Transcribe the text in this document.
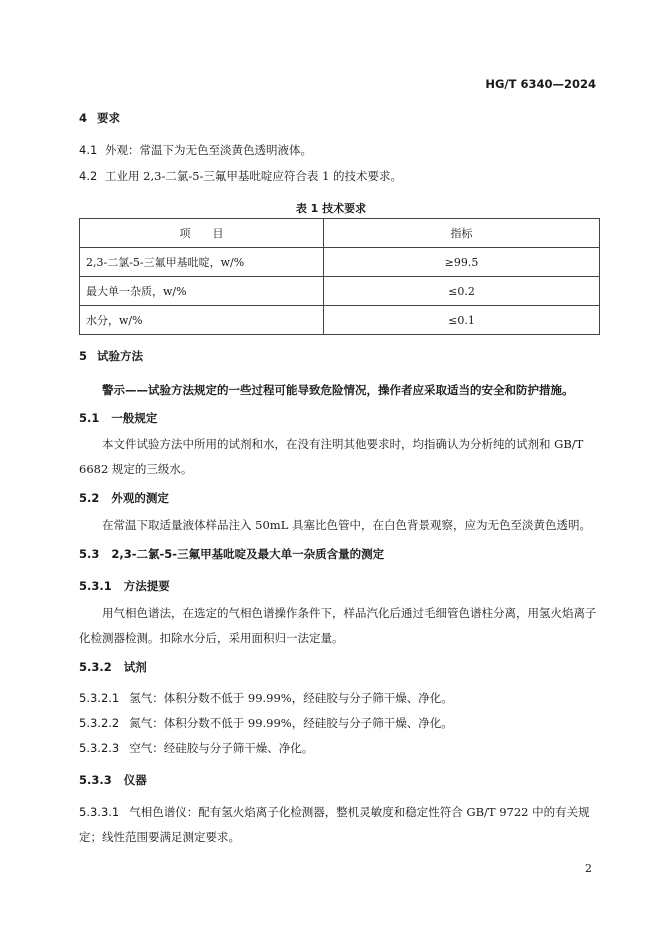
HG/T 6340—2024
4 要求
4.1 外观：常温下为无色至淡黄色透明液体。
4.2 工业用 2,3-二氯-5-三氟甲基吡啶应符合表 1 的技术要求。
表 1 技术要求
项　　目	指标
2,3-二氯-5-三氟甲基吡啶，w/%	≥99.5
最大单一杂质，w/%	≤0.2
水分，w/%	≤0.1
5 试验方法
警示——试验方法规定的一些过程可能导致危险情况，操作者应采取适当的安全和防护措施。
5.1 一般规定
本文件试验方法中所用的试剂和水，在没有注明其他要求时，均指确认为分析纯的试剂和 GB/T 6682 规定的三级水。
5.2 外观的测定
在常温下取适量液体样品注入 50mL 具塞比色管中，在白色背景观察，应为无色至淡黄色透明。
5.3 2,3-二氯-5-三氟甲基吡啶及最大单一杂质含量的测定
5.3.1 方法提要
用气相色谱法，在选定的气相色谱操作条件下，样品汽化后通过毛细管色谱柱分离，用氢火焰离子化检测器检测。扣除水分后，采用面积归一法定量。
5.3.2 试剂
5.3.2.1 氢气：体积分数不低于 99.99%，经硅胶与分子筛干燥、净化。
5.3.2.2 氮气：体积分数不低于 99.99%，经硅胶与分子筛干燥、净化。
5.3.2.3 空气：经硅胶与分子筛干燥、净化。
5.3.3 仪器
5.3.3.1 气相色谱仪：配有氢火焰离子化检测器，整机灵敏度和稳定性符合 GB/T 9722 中的有关规定；线性范围要满足测定要求。
2
